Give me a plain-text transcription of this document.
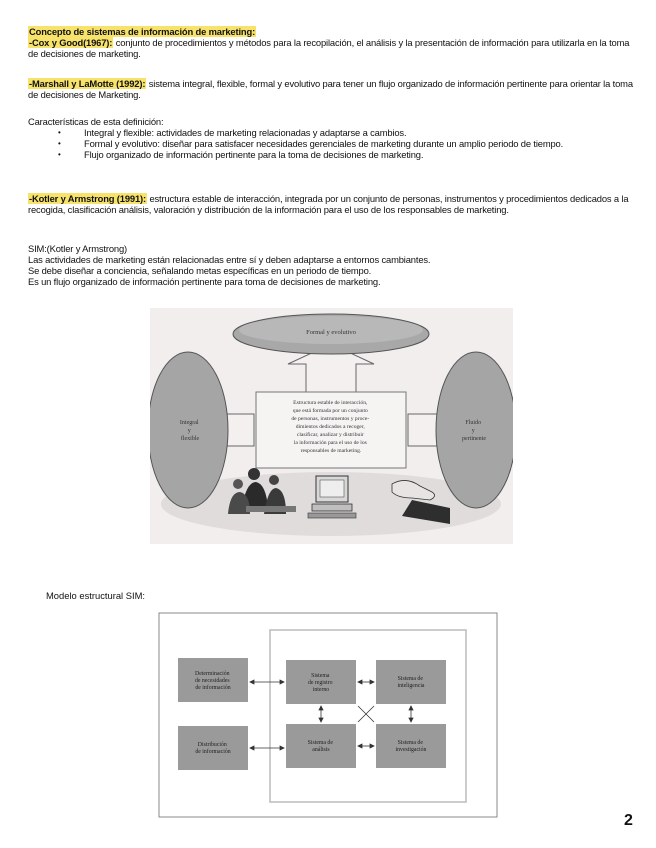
Concepto de sistemas de información de marketing:

-Cox y Good(1967): conjunto de procedimientos y métodos para la recopilación, el análisis y la presentación de información para utilizarla en la toma de decisiones de marketing.

-Marshall y LaMotte (1992): sistema integral, flexible, formal y evolutivo para tener un flujo organizado de información pertinente para orientar la toma de decisiones de Marketing.

Características de esta definición:

• Integral y flexible: actividades de marketing relacionadas y adaptarse a cambios.
• Formal y evolutivo: diseñar para satisfacer necesidades gerenciales de marketing durante un amplio periodo de tiempo.
• Flujo organizado de información pertinente para la toma de decisiones de marketing.

-Kotler y Armstrong (1991): estructura estable de interacción, integrada por un conjunto de personas, instrumentos y procedimientos dedicados a la recogida, clasificación análisis, valoración y distribución de la información para el uso de los responsables de marketing.

SIM:(Kotler y Armstrong)

Las actividades de marketing están relacionadas entre sí y deben adaptarse a entornos cambiantes.

Se debe diseñar a conciencia, señalando metas específicas en un periodo de tiempo.

Es un flujo organizado de información pertinente para toma de decisiones de marketing.

Formal y evolutivo
Integral y flexible
Fluido y pertinente
Estructura estable de interacción, que está formada por un conjunto de personas, instrumentos y proce- dimientos dedicados a recoger, clasificar, analizar y distribuir la información para el uso de los responsables de marketing.
Modelo estructural SIM:
Determinación de necesidades de información
Distribución de información
Sistema de registro interno
Sistema de inteligencia
Sistema de análisis
Sistema de investigación
2
